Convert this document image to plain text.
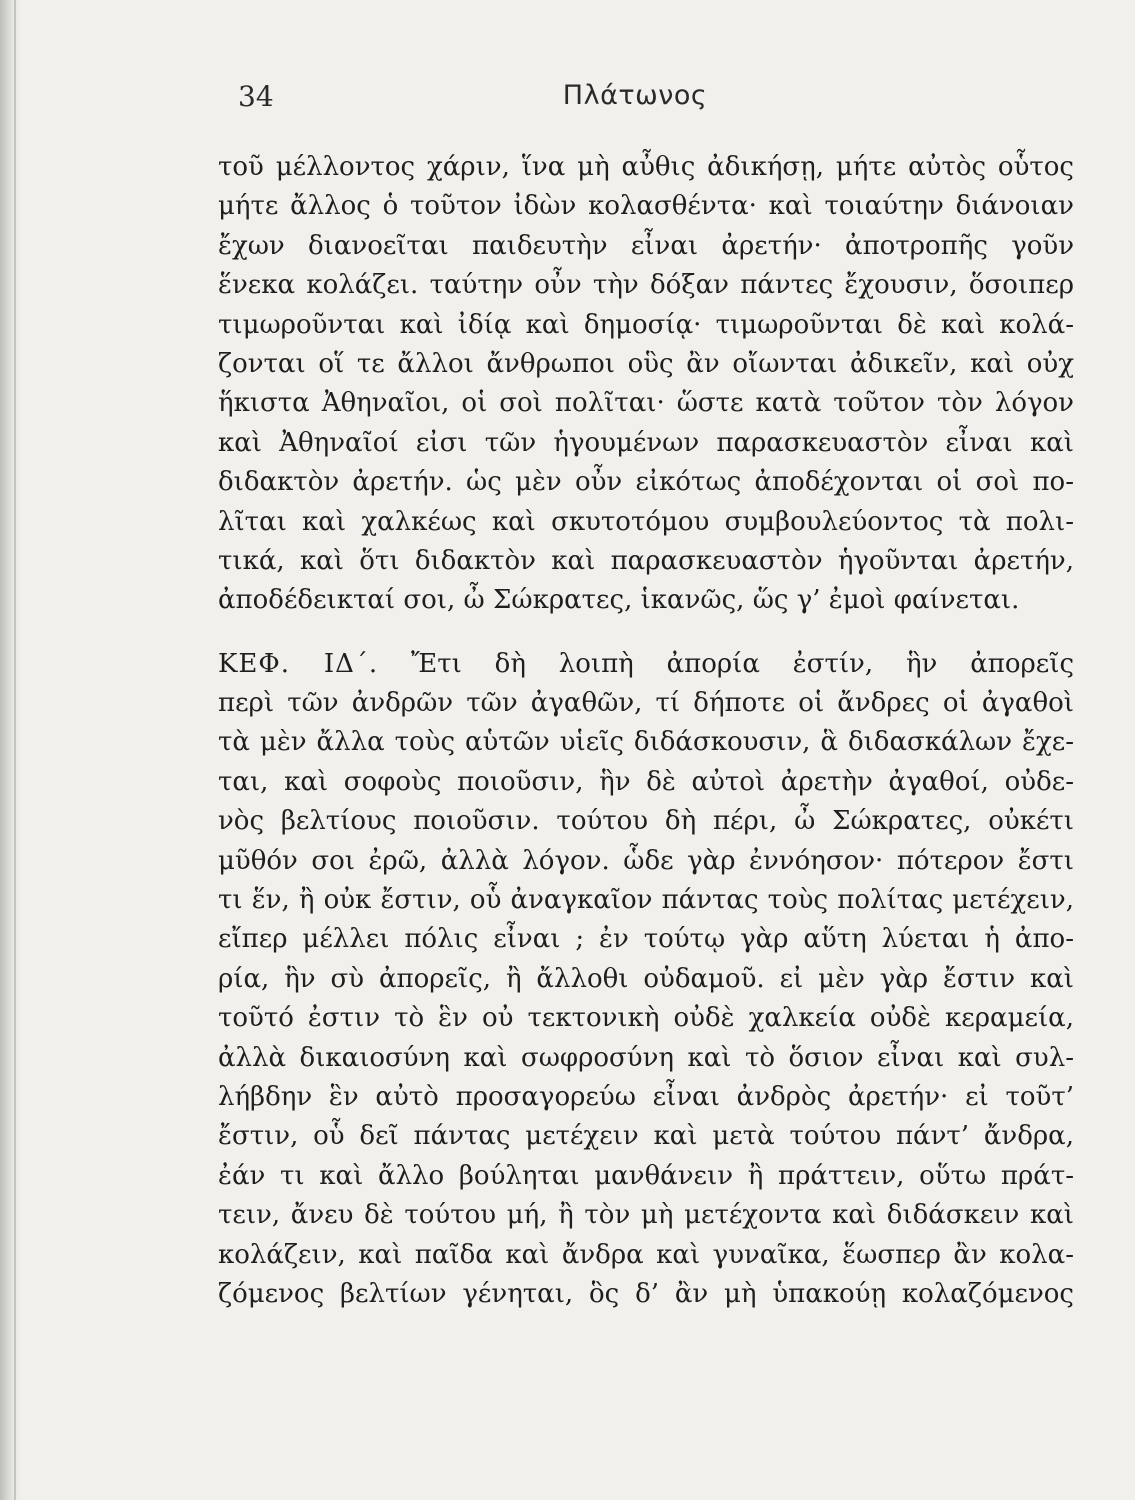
34	Πλάτωνος
τοῦ μέλλοντος χάριν, ἵνα μὴ αὖθις ἀδικήσῃ, μήτε αὐτὸς οὗτος
μήτε ἄλλος ὁ τοῦτον ἰδὼν κολασθέντα· καὶ τοιαύτην διάνοιαν
ἔχων διανοεῖται παιδευτὴν εἶναι ἀρετήν· ἀποτροπῆς γοῦν
ἕνεκα κολάζει. ταύτην οὖν τὴν δόξαν πάντες ἔχουσιν, ὅσοιπερ
τιμωροῦνται καὶ ἰδίᾳ καὶ δημοσίᾳ· τιμωροῦνται δὲ καὶ κολά-
ζονται οἵ τε ἄλλοι ἄνθρωποι οὓς ἂν οἴωνται ἀδικεῖν, καὶ οὐχ
ἥκιστα Ἀθηναῖοι, οἱ σοὶ πολῖται· ὥστε κατὰ τοῦτον τὸν λόγον
καὶ Ἀθηναῖοί εἰσι τῶν ἡγουμένων παρασκευαστὸν εἶναι καὶ
διδακτὸν ἀρετήν. ὡς μὲν οὖν εἰκότως ἀποδέχονται οἱ σοὶ πο-
λῖται καὶ χαλκέως καὶ σκυτοτόμου συμβουλεύοντος τὰ πολι-
τικά, καὶ ὅτι διδακτὸν καὶ παρασκευαστὸν ἡγοῦνται ἀρετήν,
ἀποδέδεικταί σοι, ὦ Σώκρατες, ἱκανῶς, ὥς γ’ ἐμοὶ φαίνεται.
ΚΕΦ. ΙΔ΄. Ἔτι δὴ λοιπὴ ἀπορία ἐστίν, ἣν ἀπορεῖς
περὶ τῶν ἀνδρῶν τῶν ἀγαθῶν, τί δήποτε οἱ ἄνδρες οἱ ἀγαθοὶ
τὰ μὲν ἄλλα τοὺς αὑτῶν υἱεῖς διδάσκουσιν, ἃ διδασκάλων ἔχε-
ται, καὶ σοφοὺς ποιοῦσιν, ἣν δὲ αὐτοὶ ἀρετὴν ἀγαθοί, οὐδε-
νὸς βελτίους ποιοῦσιν. τούτου δὴ πέρι, ὦ Σώκρατες, οὐκέτι
μῦθόν σοι ἐρῶ, ἀλλὰ λόγον. ὧδε γὰρ ἐννόησον· πότερον ἔστι
τι ἕν, ἢ οὐκ ἔστιν, οὗ ἀναγκαῖον πάντας τοὺς πολίτας μετέχειν,
εἴπερ μέλλει πόλις εἶναι ; ἐν τούτῳ γὰρ αὕτη λύεται ἡ ἀπο-
ρία, ἣν σὺ ἀπορεῖς, ἢ ἄλλοθι οὐδαμοῦ. εἰ μὲν γὰρ ἔστιν καὶ
τοῦτό ἐστιν τὸ ἓν οὐ τεκτονικὴ οὐδὲ χαλκεία οὐδὲ κεραμεία,
ἀλλὰ δικαιοσύνη καὶ σωφροσύνη καὶ τὸ ὅσιον εἶναι καὶ συλ-
λήβδην ἓν αὐτὸ προσαγορεύω εἶναι ἀνδρὸς ἀρετήν· εἰ τοῦτ’
ἔστιν, οὗ δεῖ πάντας μετέχειν καὶ μετὰ τούτου πάντ’ ἄνδρα,
ἐάν τι καὶ ἄλλο βούληται μανθάνειν ἢ πράττειν, οὕτω πράτ-
τειν, ἄνευ δὲ τούτου μή, ἢ τὸν μὴ μετέχοντα καὶ διδάσκειν καὶ
κολάζειν, καὶ παῖδα καὶ ἄνδρα καὶ γυναῖκα, ἕωσπερ ἂν κολα-
ζόμενος βελτίων γένηται, ὃς δ’ ἂν μὴ ὑπακούῃ κολαζόμενος
